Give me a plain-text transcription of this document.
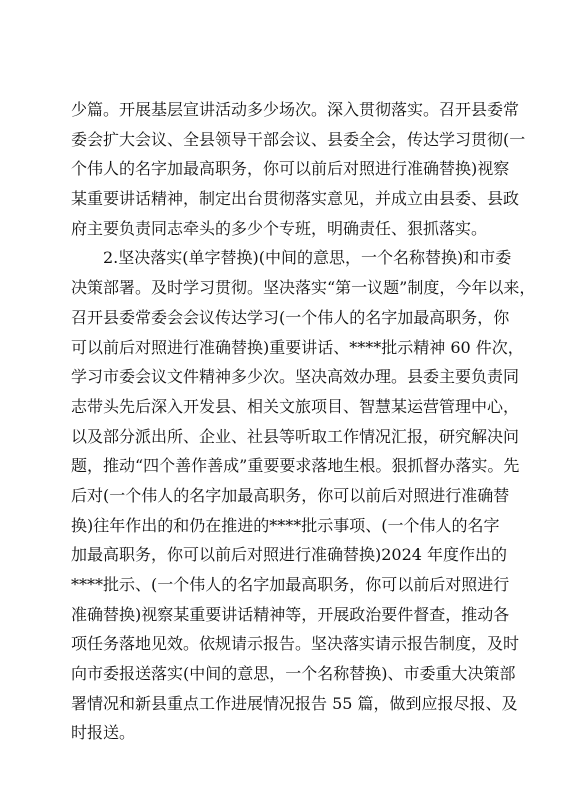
少篇。开展基层宣讲活动多少场次。深入贯彻落实。召开县委常
委会扩大会议、全县领导干部会议、县委全会，传达学习贯彻(一
个伟人的名字加最高职务，你可以前后对照进行准确替换)视察
某重要讲话精神，制定出台贯彻落实意见，并成立由县委、县政
府主要负责同志牵头的多少个专班，明确责任、狠抓落实。
　　2.坚决落实(单字替换)(中间的意思，一个名称替换)和市委
决策部署。及时学习贯彻。坚决落实“第一议题”制度，今年以来，
召开县委常委会会议传达学习(一个伟人的名字加最高职务，你
可以前后对照进行准确替换)重要讲话、****批示精神 60 件次，
学习市委会议文件精神多少次。坚决高效办理。县委主要负责同
志带头先后深入开发县、相关文旅项目、智慧某运营管理中心，
以及部分派出所、企业、社县等听取工作情况汇报，研究解决问
题，推动“四个善作善成”重要要求落地生根。狠抓督办落实。先
后对(一个伟人的名字加最高职务，你可以前后对照进行准确替
换)往年作出的和仍在推进的****批示事项、(一个伟人的名字
加最高职务，你可以前后对照进行准确替换)2024 年度作出的
****批示、(一个伟人的名字加最高职务，你可以前后对照进行
准确替换)视察某重要讲话精神等，开展政治要件督查，推动各
项任务落地见效。依规请示报告。坚决落实请示报告制度，及时
向市委报送落实(中间的意思，一个名称替换)、市委重大决策部
署情况和新县重点工作进展情况报告 55 篇，做到应报尽报、及
时报送。
